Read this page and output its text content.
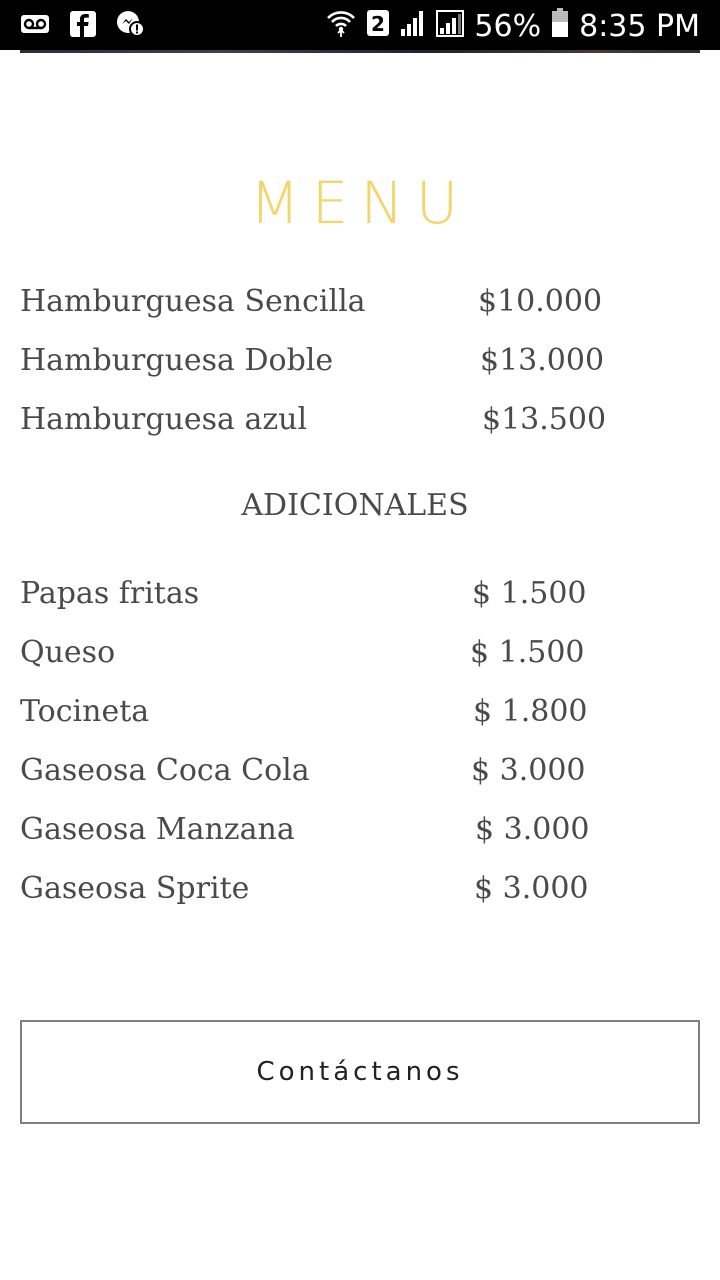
2	56% 8:35 PM
MENU
Hamburguesa Sencilla	$10.000
Hamburguesa Doble	$13.000
Hamburguesa azul	$13.500
ADICIONALES
Papas fritas	$ 1.500
Queso	$ 1.500
Tocineta	$ 1.800
Gaseosa Coca Cola	$ 3.000
Gaseosa Manzana	$ 3.000
Gaseosa Sprite	$ 3.000
Contáctanos
